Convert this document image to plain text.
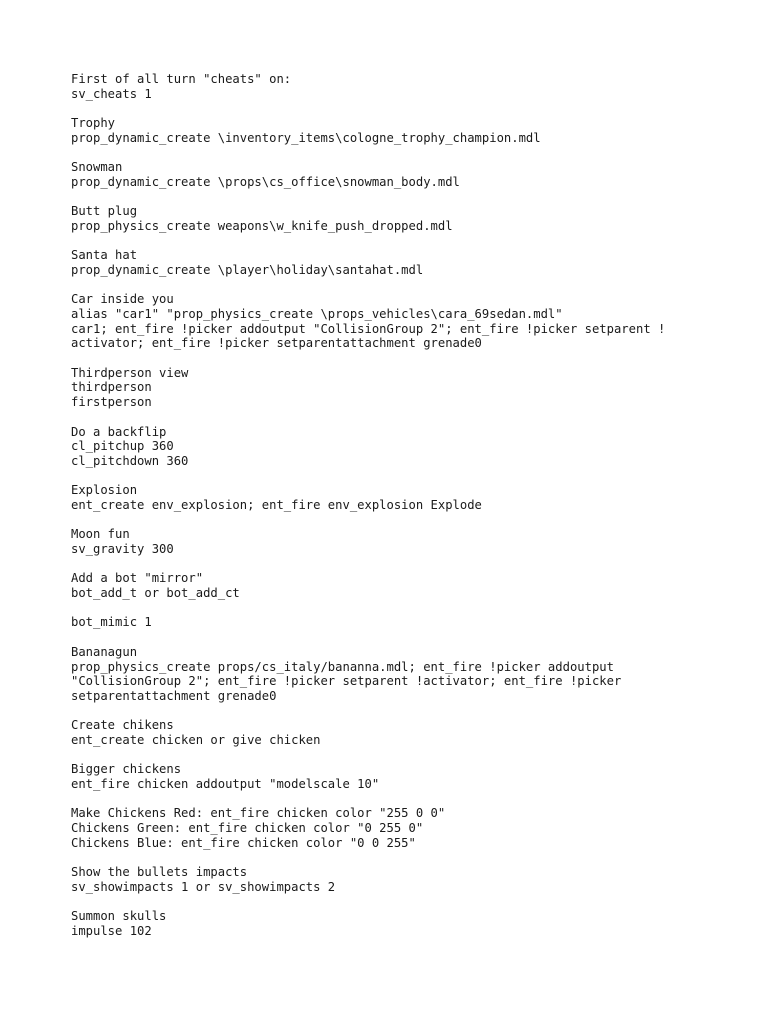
First of all turn "cheats" on:
sv_cheats 1
Trophy
prop_dynamic_create \inventory_items\cologne_trophy_champion.mdl
Snowman
prop_dynamic_create \props\cs_office\snowman_body.mdl
Butt plug
prop_physics_create weapons\w_knife_push_dropped.mdl
Santa hat
prop_dynamic_create \player\holiday\santahat.mdl
Car inside you
alias "car1" "prop_physics_create \props_vehicles\cara_69sedan.mdl"
car1; ent_fire !picker addoutput "CollisionGroup 2"; ent_fire !picker setparent !
activator; ent_fire !picker setparentattachment grenade0
Thirdperson view
thirdperson
firstperson
Do a backflip
cl_pitchup 360
cl_pitchdown 360
Explosion
ent_create env_explosion; ent_fire env_explosion Explode
Moon fun
sv_gravity 300
Add a bot "mirror"
bot_add_t or bot_add_ct
bot_mimic 1
Bananagun
prop_physics_create props/cs_italy/bananna.mdl; ent_fire !picker addoutput
"CollisionGroup 2"; ent_fire !picker setparent !activator; ent_fire !picker
setparentattachment grenade0
Create chikens
ent_create chicken or give chicken
Bigger chickens
ent_fire chicken addoutput "modelscale 10"
Make Chickens Red: ent_fire chicken color "255 0 0"
Chickens Green: ent_fire chicken color "0 255 0"
Chickens Blue: ent_fire chicken color "0 0 255"
Show the bullets impacts
sv_showimpacts 1 or sv_showimpacts 2
Summon skulls
impulse 102
